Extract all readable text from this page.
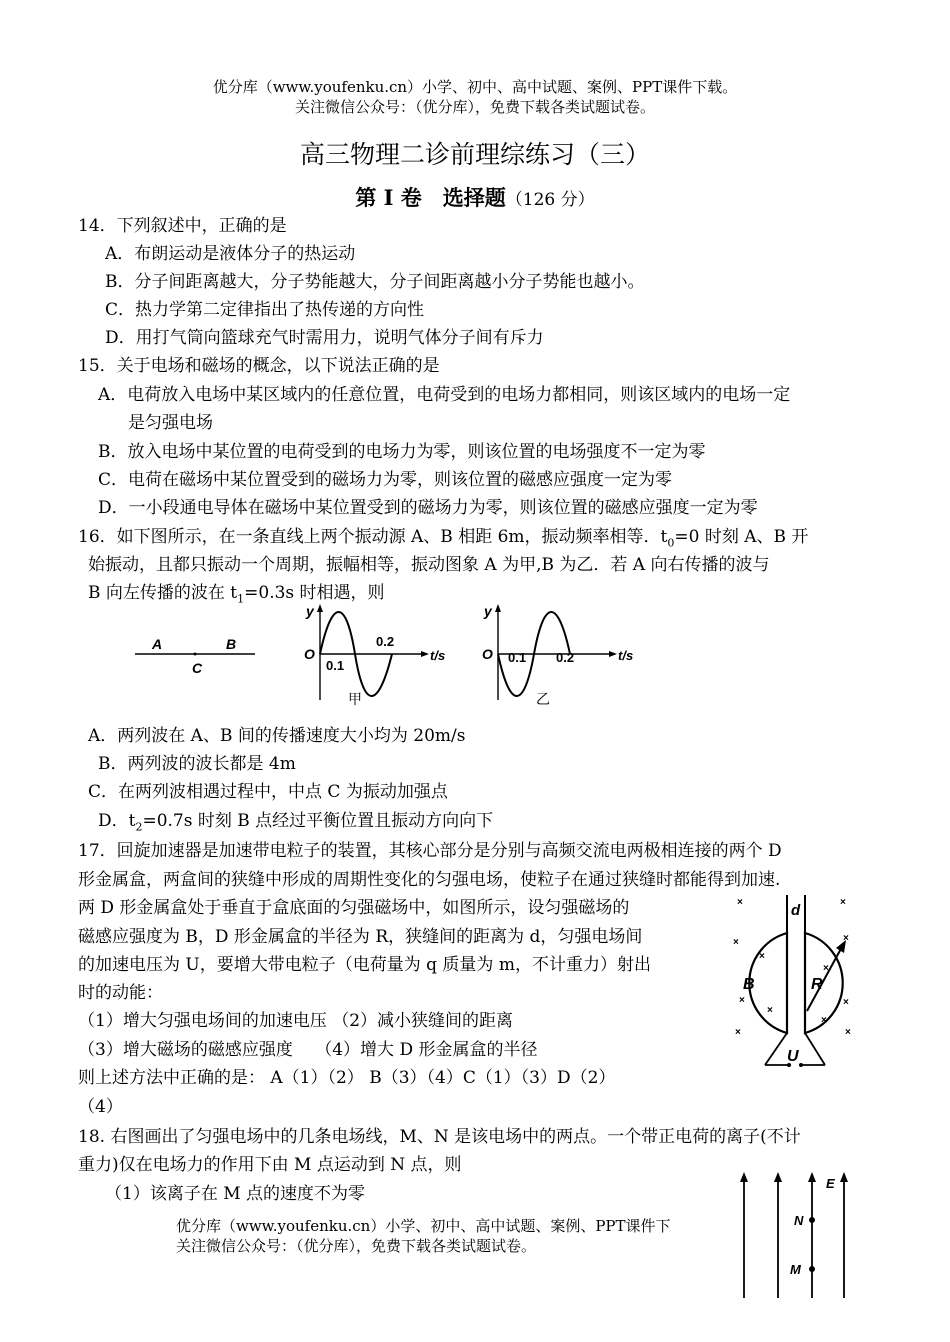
优分库（www.youfenku.cn）小学、初中、高中试题、案例、PPT课件下载。
关注微信公众号：（优分库），免费下载各类试题试卷。
高三物理二诊前理综练习（三）
第 I 卷　选择题（126 分）
14．下列叙述中，正确的是
A．布朗运动是液体分子的热运动
B．分子间距离越大，分子势能越大，分子间距离越小分子势能也越小。
C．热力学第二定律指出了热传递的方向性
D．用打气筒向篮球充气时需用力，说明气体分子间有斥力
15．关于电场和磁场的概念，以下说法正确的是
A．电荷放入电场中某区域内的任意位置，电荷受到的电场力都相同，则该区域内的电场一定
是匀强电场
B．放入电场中某位置的电荷受到的电场力为零，则该位置的电场强度不一定为零
C．电荷在磁场中某位置受到的磁场力为零，则该位置的磁感应强度一定为零
D．一小段通电导体在磁场中某位置受到的磁场力为零，则该位置的磁感应强度一定为零
16．如下图所示，在一条直线上两个振动源 A、B 相距 6m，振动频率相等．$t_0=0$ 时刻 A、B 开
始振动，且都只振动一个周期，振幅相等，振动图象 A 为甲,B 为乙．若 A 向右传播的波与
B 向左传播的波在 $t_1=0.3s$ 时相遇，则
A	B
C
y
O
0.1
0.2
t/s
甲
y
O 0.1 0.2	t/s
乙
A．两列波在 A、B 间的传播速度大小均为 20m/s
B．两列波的波长都是 4m
C．在两列波相遇过程中，中点 C 为振动加强点
D．$t_2=0.7s$ 时刻 B 点经过平衡位置且振动方向向下
17．回旋加速器是加速带电粒子的装置，其核心部分是分别与高频交流电两极相连接的两个 D
形金属盒，两盒间的狭缝中形成的周期性变化的匀强电场，使粒子在通过狭缝时都能得到加速.
两 D 形金属盒处于垂直于盒底面的匀强磁场中，如图所示，设匀强磁场的
磁感应强度为 B，D 形金属盒的半径为 R，狭缝间的距离为 d，匀强电场间
的加速电压为 U，要增大带电粒子（电荷量为 q 质量为 m，不计重力）射出
时的动能：
（1）增大匀强电场间的加速电压 （2）减小狭缝间的距离
（3）增大磁场的磁感应强度　 （4）增大 D 形金属盒的半径
则上述方法中正确的是： A（1）（2） B（3）（4）C（1）（3）D（2）
（4）
d
B	R
U
×	×
×	×
×	×
×	×
×
×
×
×
18. 右图画出了匀强电场中的几条电场线，M、N 是该电场中的两点。一个带正电荷的离子(不计
重力)仅在电场力的作用下由 M 点运动到 N 点，则
（1）该离子在 M 点的速度不为零
N
M
E
优分库（www.youfenku.cn）小学、初中、高中试题、案例、PPT课件下
关注微信公众号：（优分库），免费下载各类试题试卷。
